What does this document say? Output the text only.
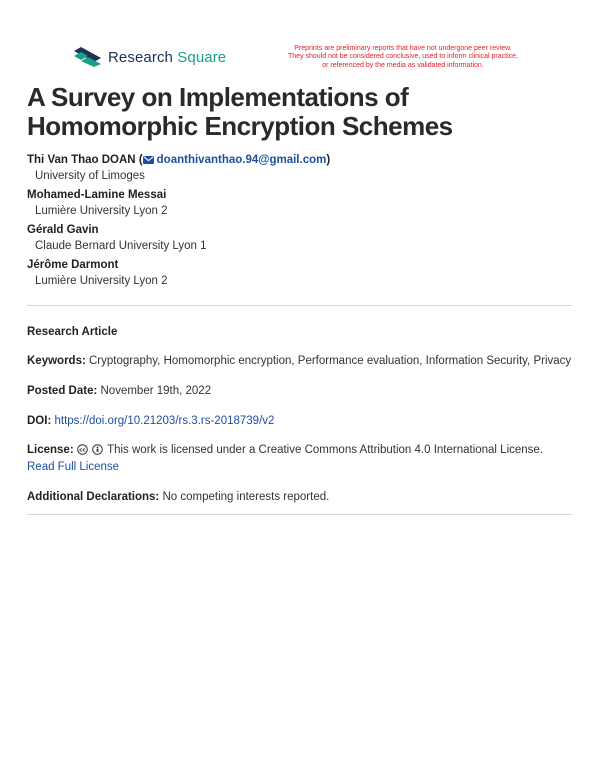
Research Square	Preprints are preliminary reports that have not undergone peer review.
They should not be considered conclusive, used to inform clinical practice,
or referenced by the media as validated information.
A Survey on Implementations of Homomorphic Encryption Schemes
Thi Van Thao DOAN ( doanthivanthao.94@gmail.com)
University of Limoges
Mohamed-Lamine Messai
Lumière University Lyon 2
Gérald Gavin
Claude Bernard University Lyon 1
Jérôme Darmont
Lumière University Lyon 2
Research Article
Keywords: Cryptography, Homomorphic encryption, Performance evaluation, Information Security, Privacy
Posted Date: November 19th, 2022
DOI: https://doi.org/10.21203/rs.3.rs-2018739/v2
License: cc This work is licensed under a Creative Commons Attribution 4.0 International License.
Read Full License
Additional Declarations: No competing interests reported.
